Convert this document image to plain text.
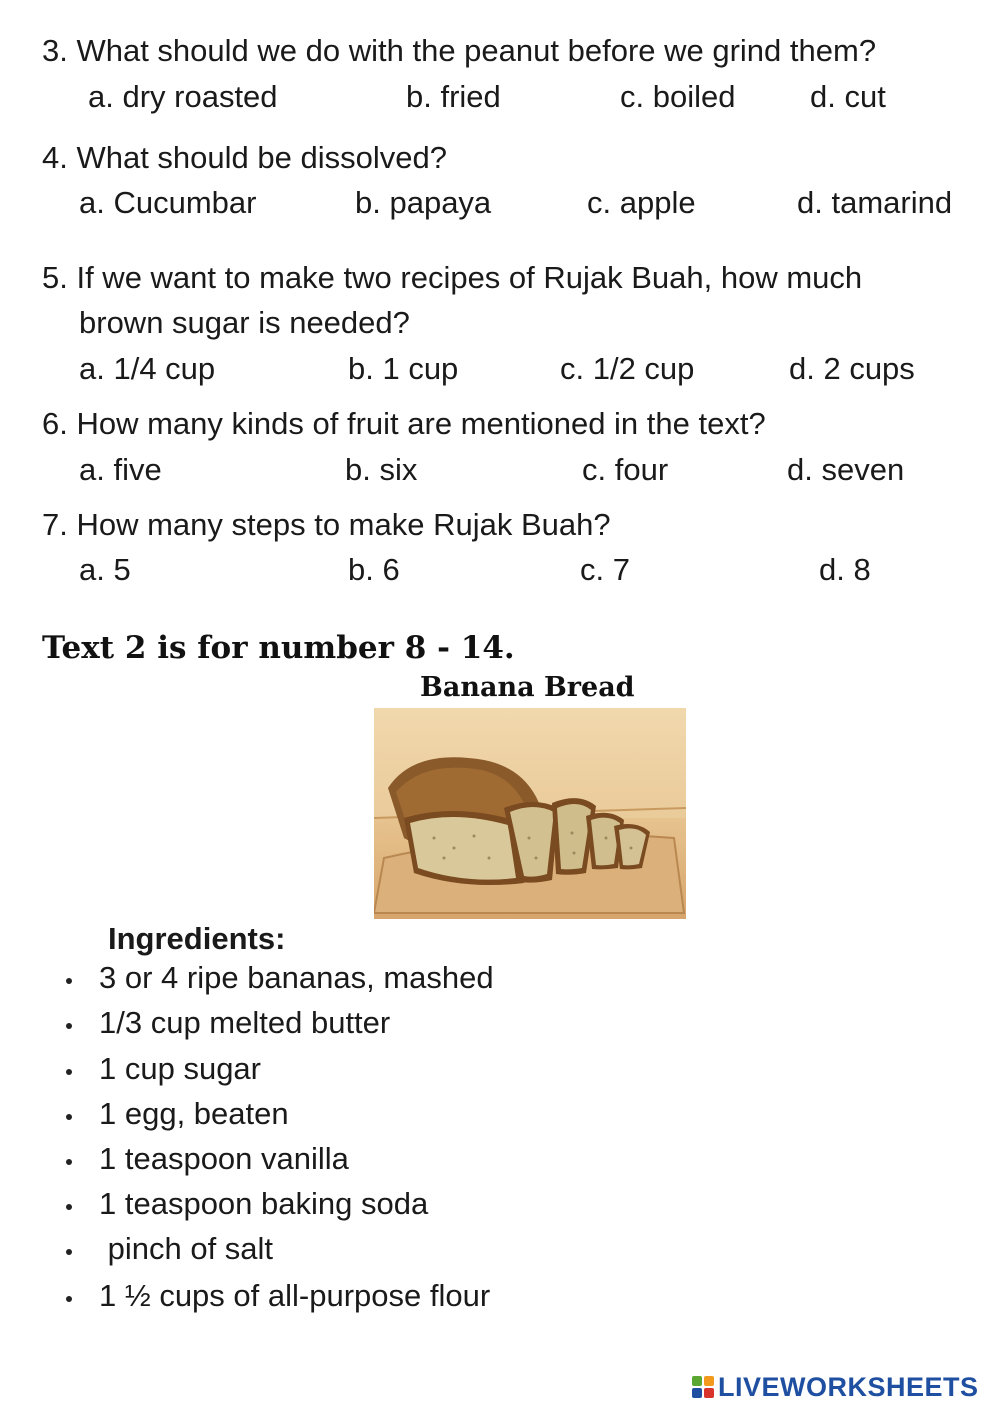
3. What should we do with the peanut before we grind them?
a. dry roasted	b. fried	c. boiled d. cut
4. What should be dissolved?
a. Cucumbar	b. papaya	c. apple	d. tamarind
5. If we want to make two recipes of Rujak Buah, how much
brown sugar is needed?
a. 1/4 cup	b. 1 cup	c. 1/2 cup	d. 2 cups
6. How many kinds of fruit are mentioned in the text?
a. five	b. six	c. four	d. seven
7. How many steps to make Rujak Buah?
a. 5	b. 6	c. 7	d. 8
Text 2 is for number 8 - 14.
Banana Bread
Ingredients:
3 or 4 ripe bananas, mashed
1/3 cup melted butter
1 cup sugar
1 egg, beaten
1 teaspoon vanilla
1 teaspoon baking soda
pinch of salt
1 ½ cups of all-purpose flour
LIVEWORKSHEETS
